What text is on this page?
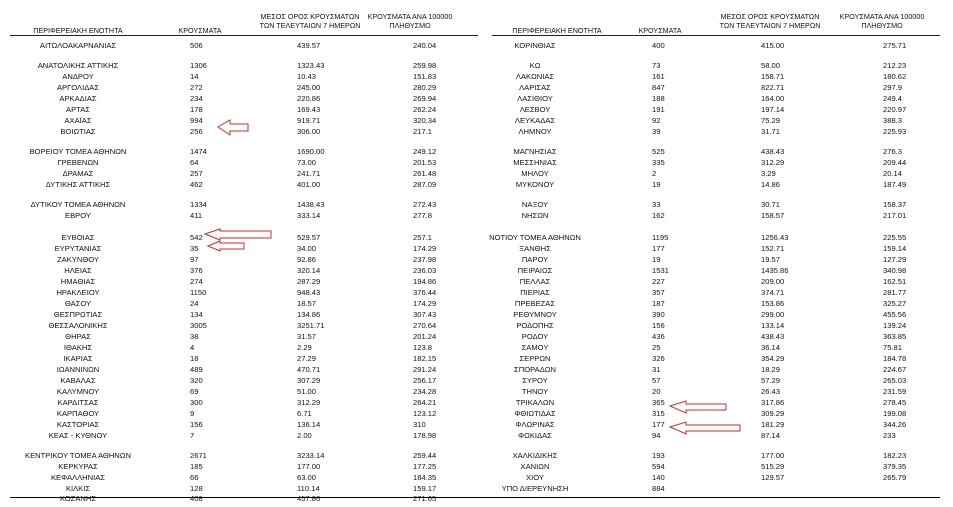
ΠΕΡΙΦΕΡΕΙΑΚΗ ΕΝΟΤΗΤΑ	ΚΡΟΥΣΜΑΤΑ
ΜΕΣΟΣ ΟΡΟΣ ΚΡΟΥΣΜΑΤΩΝ
ΤΩΝ ΤΕΛΕΥΤΑΙΩΝ 7 ΗΜΕΡΩΝ
ΚΡΟΥΣΜΑΤΑ ΑΝΑ 100000
ΠΛΗΘΥΣΜΟ
ΠΕΡΙΦΕΡΕΙΑΚΗ ΕΝΟΤΗΤΑ	ΚΡΟΥΣΜΑΤΑ
ΜΕΣΟΣ ΟΡΟΣ ΚΡΟΥΣΜΑΤΩΝ
ΤΩΝ ΤΕΛΕΥΤΑΙΩΝ 7 ΗΜΕΡΩΝ
ΚΡΟΥΣΜΑΤΑ ΑΝΑ 100000
ΠΛΗΘΥΣΜΟ
ΑΙΤΩΛΟΑΚΑΡΝΑΝΙΑΣ	506	439.57	240.04
ΑΝΑΤΟΛΙΚΗΣ ΑΤΤΙΚΗΣ	1306	1323.43	259.98
ΑΝΔΡΟΥ	14	10.43	151.83
ΑΡΓΟΛΙΔΑΣ	272	245.00	280.29
ΑΡΚΑΔΙΑΣ	234	220.86	269.94
ΑΡΤΑΣ	178	169.43	262.24
ΑΧΑΪΑΣ	994	919.71	320.34
ΒΟΙΩΤΙΑΣ	256	306.00	217.1
ΒΟΡΕΙΟΥ ΤΟΜΕΑ ΑΘΗΝΩΝ	1474	1690.00	249.12
ΓΡΕΒΕΝΩΝ	64	73.00	201.53
ΔΡΑΜΑΣ	257	241.71	261.48
ΔΥΤΙΚΗΣ ΑΤΤΙΚΗΣ	462	401.00	287.09
ΔΥΤΙΚΟΥ ΤΟΜΕΑ ΑΘΗΝΩΝ	1334	1438.43	272.43
ΕΒΡΟΥ	411	333.14	277.8
ΕΥΒΟΙΑΣ	542	529.57	257.1
ΕΥΡΥΤΑΝΙΑΣ	35	34.00	174.29
ΖΑΚΥΝΘΟΥ	97	92.86	237.98
ΗΛΕΙΑΣ	376	320.14	236.03
ΗΜΑΘΙΑΣ	274	287.29	194.86
ΗΡΑΚΛΕΙΟΥ	1150	948.43	376.44
ΘΑΣΟΥ	24	18.57	174.29
ΘΕΣΠΡΩΤΙΑΣ	134	134.86	307.43
ΘΕΣΣΑΛΟΝΙΚΗΣ	3005	3251.71	270.64
ΘΗΡΑΣ	38	31.57	201.24
ΙΘΑΚΗΣ	4	2.29	123.8
ΙΚΑΡΙΑΣ	18	27.29	182.15
ΙΩΑΝΝΙΝΩΝ	489	470.71	291.24
ΚΑΒΑΛΑΣ	320	307.29	256.17
ΚΑΛΥΜΝΟΥ	69	51.00	234.28
ΚΑΡΔΙΤΣΑΣ	300	312.29	264.21
ΚΑΡΠΑΘΟΥ	9	6.71	123.12
ΚΑΣΤΟΡΙΑΣ	156	136.14	310
ΚΕΑΣ - ΚΥΘΝΟΥ	7	2.00	178.98
ΚΕΝΤΡΙΚΟΥ ΤΟΜΕΑ ΑΘΗΝΩΝ	2671	3233.14	259.44
ΚΕΡΚΥΡΑΣ	185	177.00	177.25
ΚΕΦΑΛΛΗΝΙΑΣ	66	63.00	184.35
ΚΙΛΚΙΣ	128	110.14	159.17
ΚΟΖΑΝΗΣ	408	457.86	271.65
ΚΟΡΙΝΘΙΑΣ	400	415.00	275.71
ΚΩ	73	58.00	212.23
ΛΑΚΩΝΙΑΣ	161	158.71	180.62
ΛΑΡΙΣΑΣ	847	822.71	297.9
ΛΑΣΙΘΙΟΥ	188	164.00	249.4
ΛΕΣΒΟΥ	191	197.14	220.97
ΛΕΥΚΑΔΑΣ	92	75.29	388.3
ΛΗΜΝΟΥ	39	31.71	225.93
ΜΑΓΝΗΣΙΑΣ	525	438.43	276.3
ΜΕΣΣΗΝΙΑΣ	335	312.29	209.44
ΜΗΛΟΥ	2	3.29	20.14
ΜΥΚΟΝΟΥ	19	14.86	187.49
ΝΑΞΟΥ	33	30.71	158.37
ΝΗΣΩΝ	162	158.57	217.01
ΝΟΤΙΟΥ ΤΟΜΕΑ ΑΘΗΝΩΝ	1195	1256.43	225.55
ΞΑΝΘΗΣ	177	152.71	159.14
ΠΑΡΟΥ	19	19.57	127.29
ΠΕΙΡΑΙΩΣ	1531	1435.86	340.98
ΠΕΛΛΑΣ	227	209.00	162.51
ΠΙΕΡΙΑΣ	357	374.71	281.77
ΠΡΕΒΕΖΑΣ	187	153.86	325.27
ΡΕΘΥΜΝΟΥ	390	299.00	455.56
ΡΟΔΟΠΗΣ	156	133.14	139.24
ΡΟΔΟΥ	436	438.43	363.85
ΣΑΜΟΥ	25	36.14	75.81
ΣΕΡΡΩΝ	326	354.29	184.78
ΣΠΟΡΑΔΩΝ	31	18.29	224.67
ΣΥΡΟΥ	57	57.29	265.03
ΤΗΝΟΥ	20	26.43	231.59
ΤΡΙΚΑΛΩΝ	365	317.86	278.45
ΦΘΙΩΤΙΔΑΣ	315	309.29	199.08
ΦΛΩΡΙΝΑΣ	177	181.29	344.26
ΦΩΚΙΔΑΣ	94	87.14	233
ΧΑΛΚΙΔΙΚΗΣ	193	177.00	182.23
ΧΑΝΙΩΝ	594	515.29	379.35
ΧΙΟΥ	140	129.57	265.79
ΥΠΟ ΔΙΕΡΕΥΝΗΣΗ	884
